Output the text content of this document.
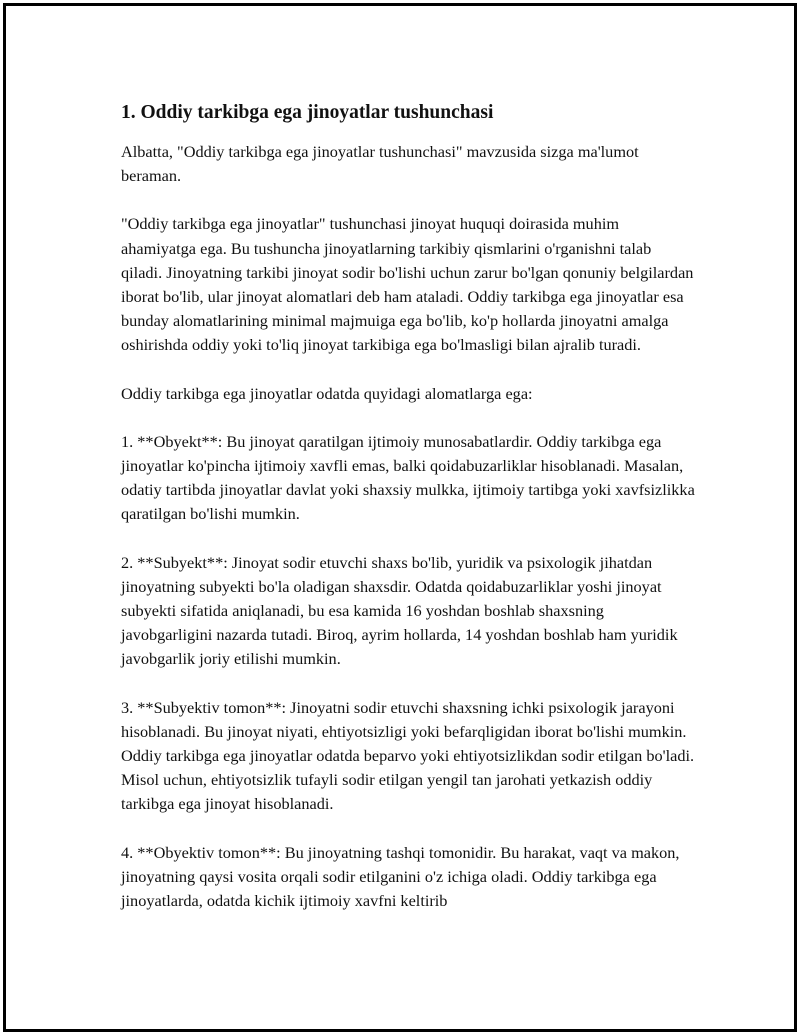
1. Oddiy tarkibga ega jinoyatlar tushunchasi

Albatta, "Oddiy tarkibga ega jinoyatlar tushunchasi" mavzusida sizga ma'lumot beraman.

"Oddiy tarkibga ega jinoyatlar" tushunchasi jinoyat huquqi doirasida muhim ahamiyatga ega. Bu tushuncha jinoyatlarning tarkibiy qismlarini o'rganishni talab qiladi. Jinoyatning tarkibi jinoyat sodir bo'lishi uchun zarur bo'lgan qonuniy belgilardan iborat bo'lib, ular jinoyat alomatlari deb ham ataladi. Oddiy tarkibga ega jinoyatlar esa bunday alomatlarining minimal majmuiga ega bo'lib, ko'p hollarda jinoyatni amalga oshirishda oddiy yoki to'liq jinoyat tarkibiga ega bo'lmasligi bilan ajralib turadi.

Oddiy tarkibga ega jinoyatlar odatda quyidagi alomatlarga ega:

1. **Obyekt**: Bu jinoyat qaratilgan ijtimoiy munosabatlardir. Oddiy tarkibga ega jinoyatlar ko'pincha ijtimoiy xavfli emas, balki qoidabuzarliklar hisoblanadi. Masalan, odatiy tartibda jinoyatlar davlat yoki shaxsiy mulkka, ijtimoiy tartibga yoki xavfsizlikka qaratilgan bo'lishi mumkin.

2. **Subyekt**: Jinoyat sodir etuvchi shaxs bo'lib, yuridik va psixologik jihatdan jinoyatning subyekti bo'la oladigan shaxsdir. Odatda qoidabuzarliklar yoshi jinoyat subyekti sifatida aniqlanadi, bu esa kamida 16 yoshdan boshlab shaxsning javobgarligini nazarda tutadi. Biroq, ayrim hollarda, 14 yoshdan boshlab ham yuridik javobgarlik joriy etilishi mumkin.

3. **Subyektiv tomon**: Jinoyatni sodir etuvchi shaxsning ichki psixologik jarayoni hisoblanadi. Bu jinoyat niyati, ehtiyotsizligi yoki befarqligidan iborat bo'lishi mumkin. Oddiy tarkibga ega jinoyatlar odatda beparvo yoki ehtiyotsizlikdan sodir etilgan bo'ladi. Misol uchun, ehtiyotsizlik tufayli sodir etilgan yengil tan jarohati yetkazish oddiy tarkibga ega jinoyat hisoblanadi.

4. **Obyektiv tomon**: Bu jinoyatning tashqi tomonidir. Bu harakat, vaqt va makon, jinoyatning qaysi vosita orqali sodir etilganini o'z ichiga oladi. Oddiy tarkibga ega jinoyatlarda, odatda kichik ijtimoiy xavfni keltirib
